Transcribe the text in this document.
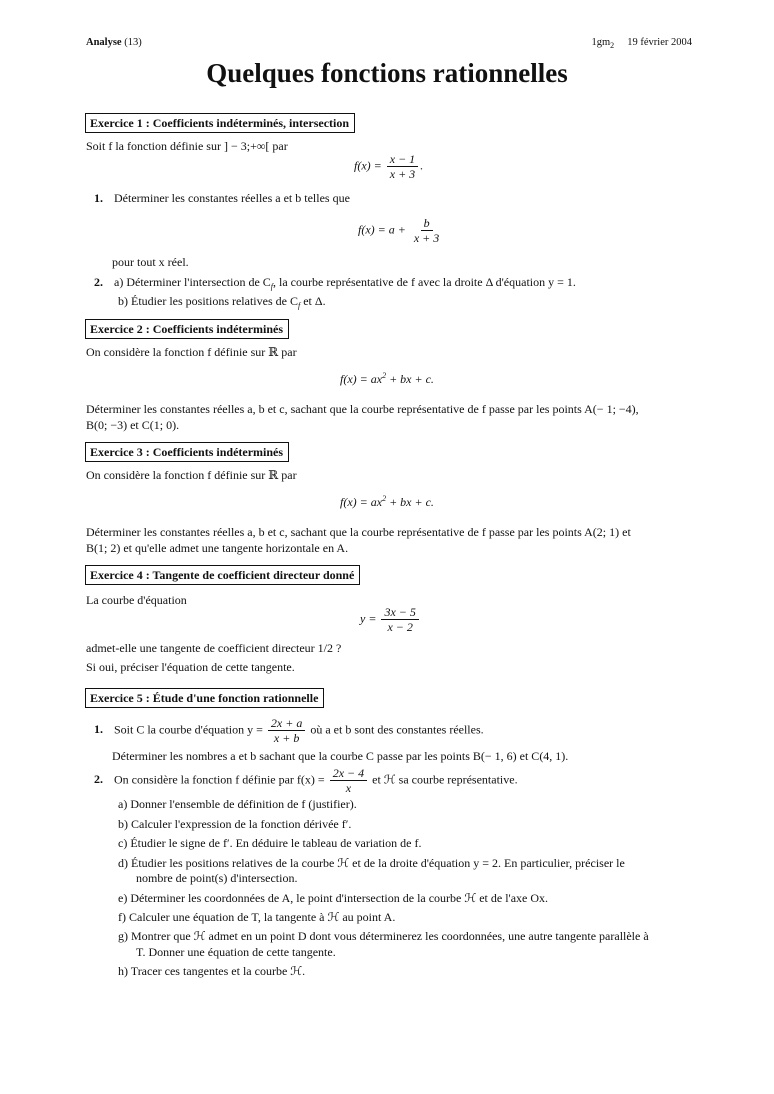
Analyse (13)	$1gm_2$ 19 février 2004
Quelques fonctions rationnelles
Exercice 1 : Coefficients indéterminés, intersection
Soit f la fonction définie sur ] − 3;+∞[ par
$f(x) = \frac{x - 1}{x + 3}$ .
1. Déterminer les constantes réelles a et b telles que
$f(x) = a + \frac{b}{x + 3}$
pour tout x réel.
2. a) Déterminer l'intersection de $C_f$, la courbe représentative de f avec la droite Δ d'équation y = 1.
b) Étudier les positions relatives de $C_f$ et Δ.
Exercice 2 : Coefficients indéterminés
On considère la fonction f définie sur ℝ par
$f(x) = ax^2$ + bx + c.
Déterminer les constantes réelles a, b et c, sachant que la courbe représentative de f passe par les points A(− 1; −4),
B(0; −3) et C(1; 0).
Exercice 3 : Coefficients indéterminés
On considère la fonction f définie sur ℝ par
$f(x) = ax^2$ + bx + c.
Déterminer les constantes réelles a, b et c, sachant que la courbe représentative de f passe par les points A(2; 1) et
B(1; 2) et qu'elle admet une tangente horizontale en A.
Exercice 4 : Tangente de coefficient directeur donné
La courbe d'équation
$y = \frac{3x - 5}{x - 2}$
admet-elle une tangente de coefficient directeur 1/2 ?
Si oui, préciser l'équation de cette tangente.
Exercice 5 : Étude d'une fonction rationnelle
1. Soit C la courbe d'équation $y = \frac{2x + a}{x + b}$ où a et b sont des constantes réelles.
Déterminer les nombres a et b sachant que la courbe C passe par les points B(− 1, 6) et C(4, 1).
2. On considère la fonction f définie par $f(x) = \frac{2x - 4}{x}$ et ℋ sa courbe représentative.
a) Donner l'ensemble de définition de f (justifier).
b) Calculer l'expression de la fonction dérivée f′.
c) Étudier le signe de f′. En déduire le tableau de variation de f.
d) Étudier les positions relatives de la courbe ℋ et de la droite d'équation y = 2. En particulier, préciser le
nombre de point(s) d'intersection.
e) Déterminer les coordonnées de A, le point d'intersection de la courbe ℋ et de l'axe Ox.
f) Calculer une équation de T, la tangente à ℋ au point A.
g) Montrer que ℋ admet en un point D dont vous déterminerez les coordonnées, une autre tangente parallèle à
T. Donner une équation de cette tangente.
h) Tracer ces tangentes et la courbe ℋ.
